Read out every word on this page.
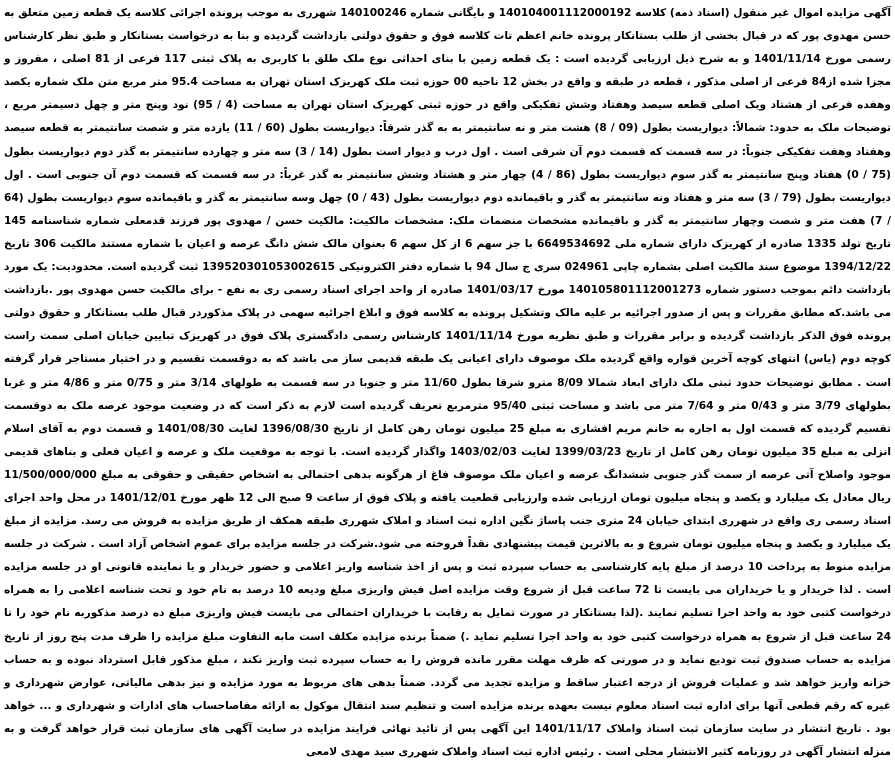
آگهی مزایده اموال غیر منقول (اسناد ذمه) کلاسه 140104001112000192 و بایگانی شماره 140100246 شهرری به موجب پرونده اجرائی کلاسه یک قطعه زمین متعلق به حسن مهدوی پور که در قبال بخشی از طلب بستانکار پرونده خانم اعظم تات کلاسه فوق و حقوق دولتی بازداشت گردیده و بنا به درخواست بستانکار و طبق نظر کارشناس رسمی مورخ 1401/11/14 و به شرح ذیل ارزیابی گردیده است : یک قطعه زمین با بنای احداثی نوع ملک طلق با کاربری به پلاک ثبتی 117 فرعی از 81 اصلی ، مفروز و مجزا شده از84 فرعی از اصلی مذکور ، قطعه در طبقه و واقع در بخش 12 ناحیه 00 حوزه ثبت ملک کهریزک استان تهران به مساحت 95.4 متر مربع متن ملک شماره یکصد وهفده فرعی از هشتاد ویک اصلی قطعه سیصد وهفتاد وشش تفکیکی واقع در حوزه ثبتی کهریزک استان تهران به مساحت (4 / 95) نود وپنج متر و چهل دسیمتر مربع ، توضیحات ملک به حدود: شمالاً: دیواریست بطول (09 / 8) هشت متر و نه سانتیمتر به به گذر شرقاً: دیواریست بطول (60 / 11) یازده متر و شصت سانتیمتر به قطعه سیصد وهفتاد وهفت تفکیکی جنوباً: در سه قسمت که قسمت دوم آن شرقی است . اول درب و دیوار است بطول (14 / 3) سه متر و چهارده سانتیمتر به گذر دوم دیواریست بطول (75 / 0) هفتاد وپنج سانتیمتر به گذر سوم دیواریست بطول (86 / 4) چهار متر و هشتاد وشش سانتیمتر به گذر غرباً: در سه قسمت که قسمت دوم آن جنوبی است . اول دیواریست بطول (79 / 3) سه متر و هفتاد ونه سانتیمتر به گذر و باقیمانده دوم دیواریست بطول (43 / 0) چهل وسه سانتیمتر به گذر و باقیمانده سوم دیواریست بطول (64 / 7) هفت متر و شصت وچهار سانتیمتر به گذر و باقیمانده مشخصات منضمات ملک: مشخصات مالکیت: مالکیت حسن / مهدوی پور فرزند قدمعلی شماره شناسنامه 145 تاریخ تولد 1335 صادره از کهریزک دارای شماره ملی 6649534692 با جز سهم 6 از کل سهم 6 بعنوان مالک شش دانگ عرصه و اعیان با شماره مستند مالکیت 306 تاریخ 1394/12/22 موضوع سند مالکیت اصلی بشماره چاپی 024961 سری ج سال 94 با شماره دفتر الکترونیکی 139520301053002615 ثبت گردیده است. محدودیت: یک مورد بازداشت دائم بموجب دستور شماره 140105801112001273 مورخ 1401/03/17 صادره از واحد اجرای اسناد رسمی ری به نفع - برای مالکیت حسن مهدوی پور .بازداشت می باشد.که مطابق مقررات و پس از صدور اجرائیه بر علیه مالک وتشکیل پرونده به کلاسه فوق و ابلاغ اجرائیه سهمی در پلاک مذکوردر قبال طلب بستانکار و حقوق دولتی پرونده فوق الذکر بازداشت گردیده و برابر مقررات و طبق نظریه مورخ 1401/11/14 کارشناس رسمی دادگستری پلاک فوق در کهریزک تبایین خیابان اصلی سمت راست کوچه دوم (یاس) انتهای کوچه آخرین قواره واقع گردیده ملک موصوف دارای اعیانی یک طبقه قدیمی ساز می باشد که به دوقسمت تقسیم و در اختیار مستاجر قرار گرفته است . مطابق توضیحات حدود ثبتی ملک دارای ابعاد شمالا 8/09 مترو شرقا بطول 11/60 متر و جنوبا در سه قسمت به طولهای 3/14 متر و 0/75 متر و 4/86 متر و غربا بطولهای 3/79 متر و 0/43 متر و 7/64 متر می باشد و مساحت ثبتی 95/40 مترمربع تعریف گردیده است لازم به ذکر است که در وضعیت موجود عرصه ملک به دوقسمت تقسیم گردیده که قسمت اول به اجاره به خانم مریم افشاری به مبلغ 25 میلیون تومان رهن کامل از تاریخ 1396/08/30 لغایت 1401/08/30 و قسمت دوم به آقای اسلام انزلی به مبلغ 35 میلیون تومان رهن کامل از تاریخ 1399/03/23 لغایت 1403/02/03 واگذار گردیده است. با توجه به موقعیت ملک و عرصه و اعیان فعلی و بناهای قدیمی موجود واصلاح آتی عرصه از سمت گذر جنوبی ششدانگ عرصه و اعیان ملک موصوف فاغ از هرگونه بدهی احتمالی به اشخاص حقیقی و حقوقی به مبلغ 11/500/000/000 ریال معادل یک میلیارد و یکصد و پنجاه میلیون تومان ارزیابی شده وارزیابی قطعیت یافته و پلاک فوق از ساعت 9 صبح الی 12 ظهر مورخ 1401/12/01 در محل واحد اجرای اسناد رسمی ری واقع در شهرری ابتدای خیابان 24 متری جنب پاساژ نگین اداره ثبت اسناد و املاک شهرری طبقه همکف از طریق مزایده به فروش می رسد. مزایده از مبلغ یک میلیارد و یکصد و پنجاه میلیون تومان شروع و به بالاترین قیمت پیشنهادی نقداً فروخته می شود.شرکت در جلسه مزایده برای عموم اشخاص آزاد است . شرکت در جلسه مزایده منوط به پرداخت 10 درصد از مبلغ پایه کارشناسی به حساب سپرده ثبت و پس از اخذ شناسه واریز اعلامی و حضور خریدار و یا نماینده قانونی او در جلسه مزایده است . لذا خریدار و یا خریداران می بایست تا 72 ساعت قبل از شروع وقت مزایده اصل فیش واریزی مبلغ ودیعه 10 درصد به نام خود و تحت شناسه اعلامی را به همراه درخواست کتبی خود به واحد اجرا تسلیم نمایند .(لذا بستانکار در صورت تمایل به رقابت با خریداران احتمالی می بایست فیش واریزی مبلغ ده درصد مذکوربه نام خود را تا 24 ساعت قبل از شروع به همراه درخواست کتبی خود به واحد اجرا تسلیم نماید .) ضمناً برنده مزایده مکلف است مابه التفاوت مبلغ مزایده را ظرف مدت پنج روز از تاریخ مزایده به حساب صندوق ثبت تودیع نماید و در صورتی که ظرف مهلت مقرر مانده فروش را به حساب سپرده ثبت واریز نکند ، مبلغ مذکور قابل استرداد نبوده و به حساب خزانه واریز خواهد شد و عملیات فروش از درجه اعتبار ساقط و مزایده تجدید می گردد. ضمناً بدهی های مربوط به مورد مزایده و نیز بدهی مالیاتی، عوارض شهرداری و غیره که رقم قطعی آنها برای اداره ثبت اسناد معلوم نیست بعهده برنده مزایده است و تنظیم سند انتقال موکول به ارائه مفاصاحساب های ادارات و شهرداری و ... خواهد بود . تاریخ انتشار در سایت سازمان ثبت اسناد واملاک 1401/11/17 این آگهی پس از تائید نهائی فرایند مزایده در سایت آگهی های سازمان ثبت قرار خواهد گرفت و به منزله انتشار آگهی در روزنامه کثیر الانتشار محلی است . رئیس اداره ثبت اسناد واملاک شهرری سید مهدی لامعی
